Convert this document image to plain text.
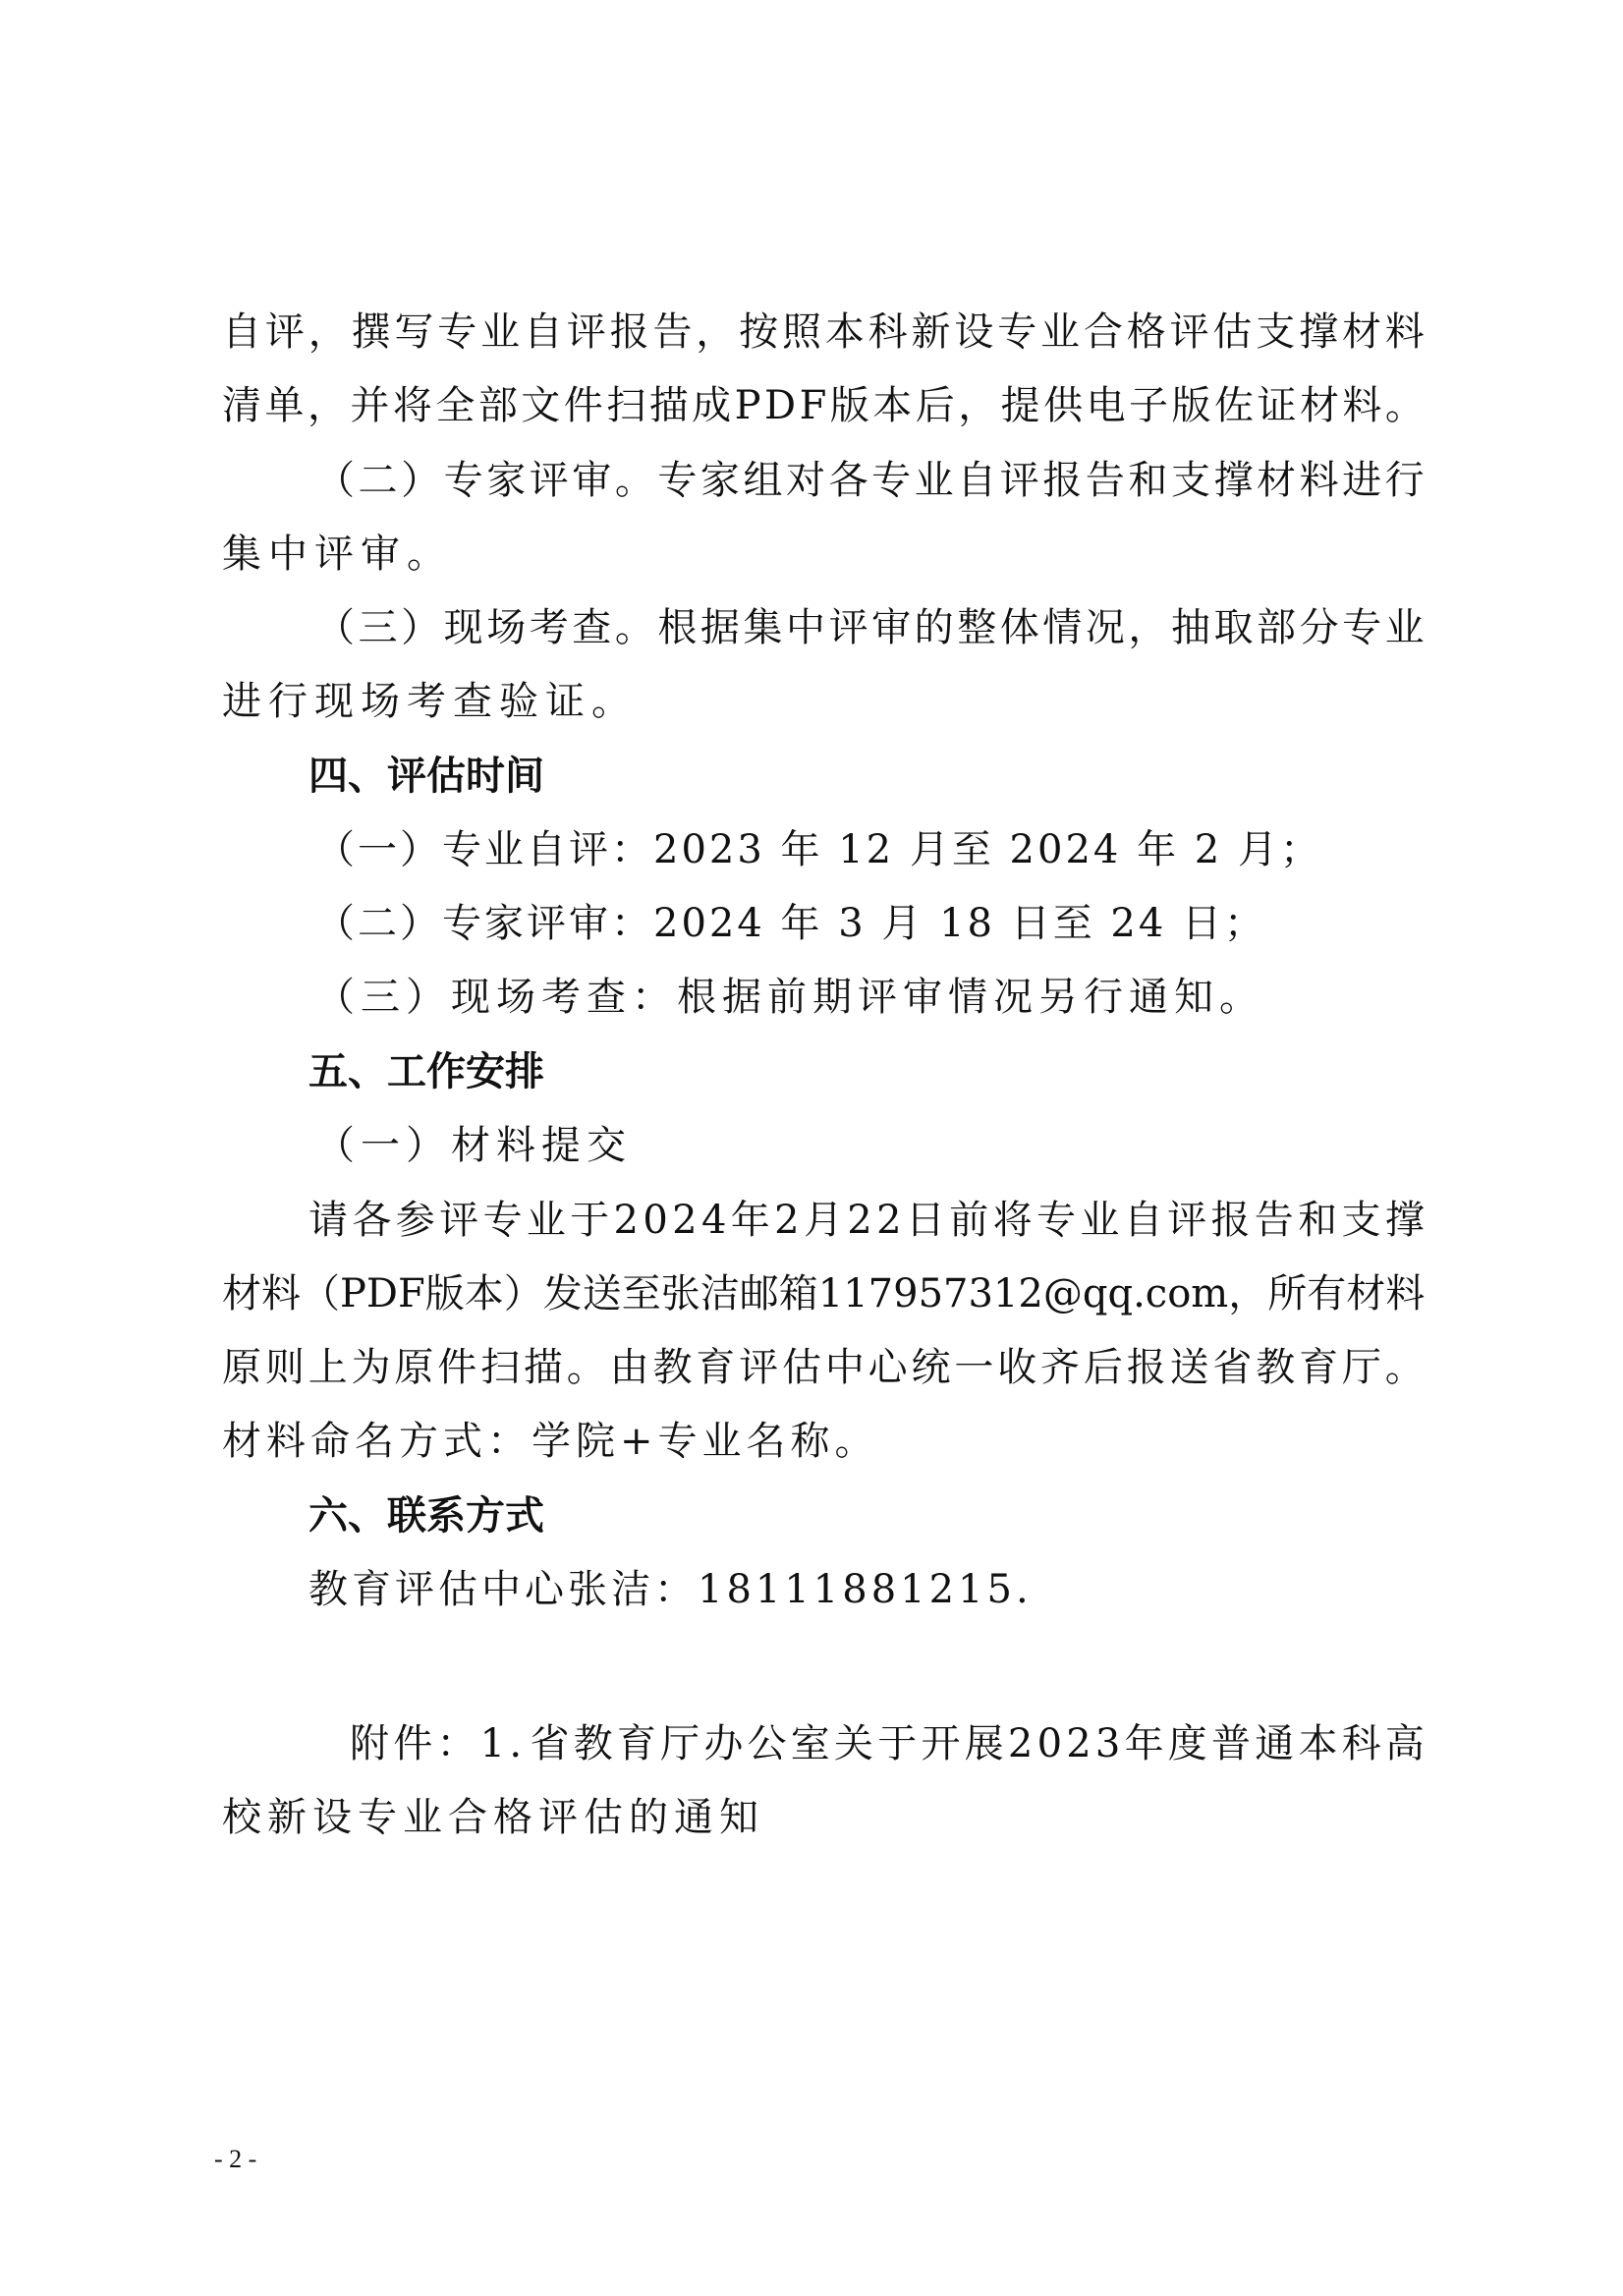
自 评 ， 撰 写 专 业 自 评 报 告 ， 按 照 本 科 新 设 专 业 合 格 评 估 支 撑 材 料
清 单 ， 并 将 全 部 文 件 扫 描 成 P D F 版 本 后 ， 提 供 电 子 版 佐 证 材 料 。
（ 二 ） 专 家 评 审 。 专 家 组 对 各 专 业 自 评 报 告 和 支 撑 材 料 进 行
集中评审。
（ 三 ） 现 场 考 查 。 根 据 集 中 评 审 的 整 体 情 况 ， 抽 取 部 分 专 业
进行现场考查验证。
四、评估时间
（一）专业自评：2023 年 12 月至 2024 年 2 月；
（二）专家评审：2024 年 3 月 18 日至 24 日；
（三）现场考查：根据前期评审情况另行通知。
五、工作安排
（一）材料提交
请 各 参 评 专 业 于 2 0 2 4 年 2 月 2 2 日 前 将 专 业 自 评 报 告 和 支 撑
材 料 （ P D F 版 本 ） 发 送 至 张 洁 邮 箱 1 1 7 9 5 7 3 1 2 @ q q . c o m ， 所 有 材 料
原 则 上 为 原 件 扫 描 。 由 教 育 评 估 中 心 统 一 收 齐 后 报 送 省 教 育 厅 。
材料命名方式：学院+专业名称。
六、联系方式
教育评估中心张洁：18111881215.
附 件 ： 1 . 省 教 育 厅 办 公 室 关 于 开 展 2 0 2 3 年 度 普 通 本 科 高
校新设专业合格评估的通知
- 2 -
